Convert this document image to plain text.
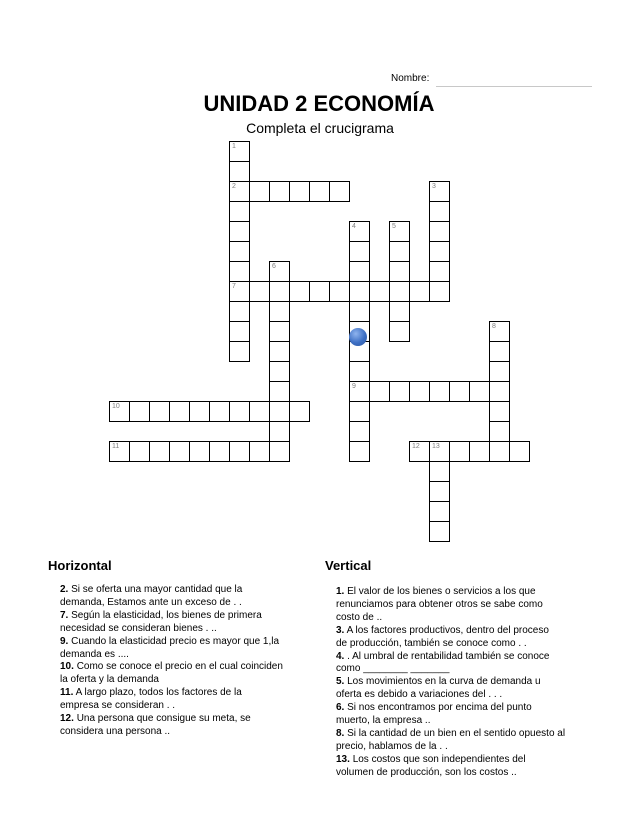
Nombre:
UNIDAD 2 ECONOMÍA
Completa el crucigrama
1
2
7
3
4
9
5
6
8
10
11	12 13
Horizontal	Vertical
2. Si se oferta una mayor cantidad que la
demanda, Estamos ante un exceso de . .
7. Según la elasticidad, los bienes de primera
necesidad se consideran bienes . ..
9. Cuando la elasticidad precio es mayor que 1,la
demanda es ....
10. Como se conoce el precio en el cual coinciden
la oferta y la demanda
11. A largo plazo, todos los factores de la
empresa se consideran . .
12. Una persona que consigue su meta, se
considera una persona ..
1. El valor de los bienes o servicios a los que
renunciamos para obtener otros se sabe como
costo de ..
3. A los factores productivos, dentro del proceso
de producción, también se conoce como . .
4. . Al umbral de rentabilidad también se conoce
como ________ _______
5. Los movimientos en la curva de demanda u
oferta es debido a variaciones del . . .
6. Si nos encontramos por encima del punto
muerto, la empresa ..
8. Si la cantidad de un bien en el sentido opuesto al
precio, hablamos de la . .
13. Los costos que son independientes del
volumen de producción, son los costos ..
